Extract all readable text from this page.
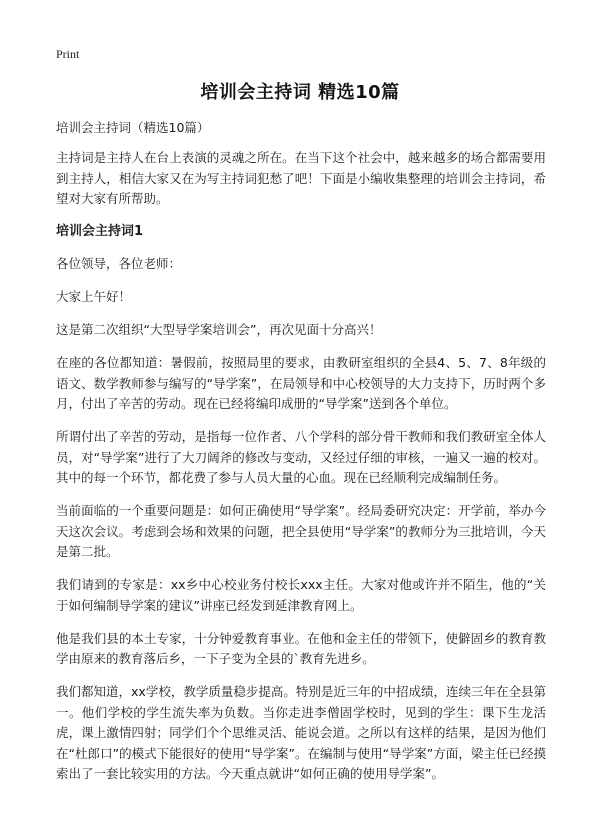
Print
培训会主持词 精选10篇
培训会主持词（精选10篇）

主持词是主持人在台上表演的灵魂之所在。在当下这个社会中，越来越多的场合都需要用到主持人，相信大家又在为写主持词犯愁了吧！下面是小编收集整理的培训会主持词，希望对大家有所帮助。

培训会主持词1

各位领导，各位老师：

大家上午好！

这是第二次组织“大型导学案培训会”，再次见面十分高兴！

在座的各位都知道：暑假前，按照局里的要求，由教研室组织的全县4、5、7、8年级的语文、数学教师参与编写的“导学案”，在局领导和中心校领导的大力支持下，历时两个多月，付出了辛苦的劳动。现在已经将编印成册的“导学案”送到各个单位。

所谓付出了辛苦的劳动，是指每一位作者、八个学科的部分骨干教师和我们教研室全体人员，对“导学案”进行了大刀阔斧的修改与变动，又经过仔细的审核，一遍又一遍的校对。其中的每一个环节，都花费了参与人员大量的心血。现在已经顺利完成编制任务。

当前面临的一个重要问题是：如何正确使用“导学案”。经局委研究决定：开学前，举办今天这次会议。考虑到会场和效果的问题，把全县使用“导学案”的教师分为三批培训，今天是第二批。

我们请到的专家是：xx乡中心校业务付校长xxx主任。大家对他或许并不陌生，他的“关于如何编制导学案的建议”讲座已经发到延津教育网上。

他是我们县的本土专家，十分钟爱教育事业。在他和金主任的带领下，使僻固乡的教育教学由原来的教育落后乡，一下子变为全县的`教育先进乡。

我们都知道，xx学校，教学质量稳步提高。特别是近三年的中招成绩，连续三年在全县第一。他们学校的学生流失率为负数。当你走进李僧固学校时，见到的学生：课下生龙活虎，课上激情四射；同学们个个思维灵活、能说会道。之所以有这样的结果，是因为他们在“杜郎口”的模式下能很好的使用“导学案”。在编制与使用“导学案”方面，梁主任已经摸索出了一套比较实用的方法。今天重点就讲“如何正确的使用导学案”。
